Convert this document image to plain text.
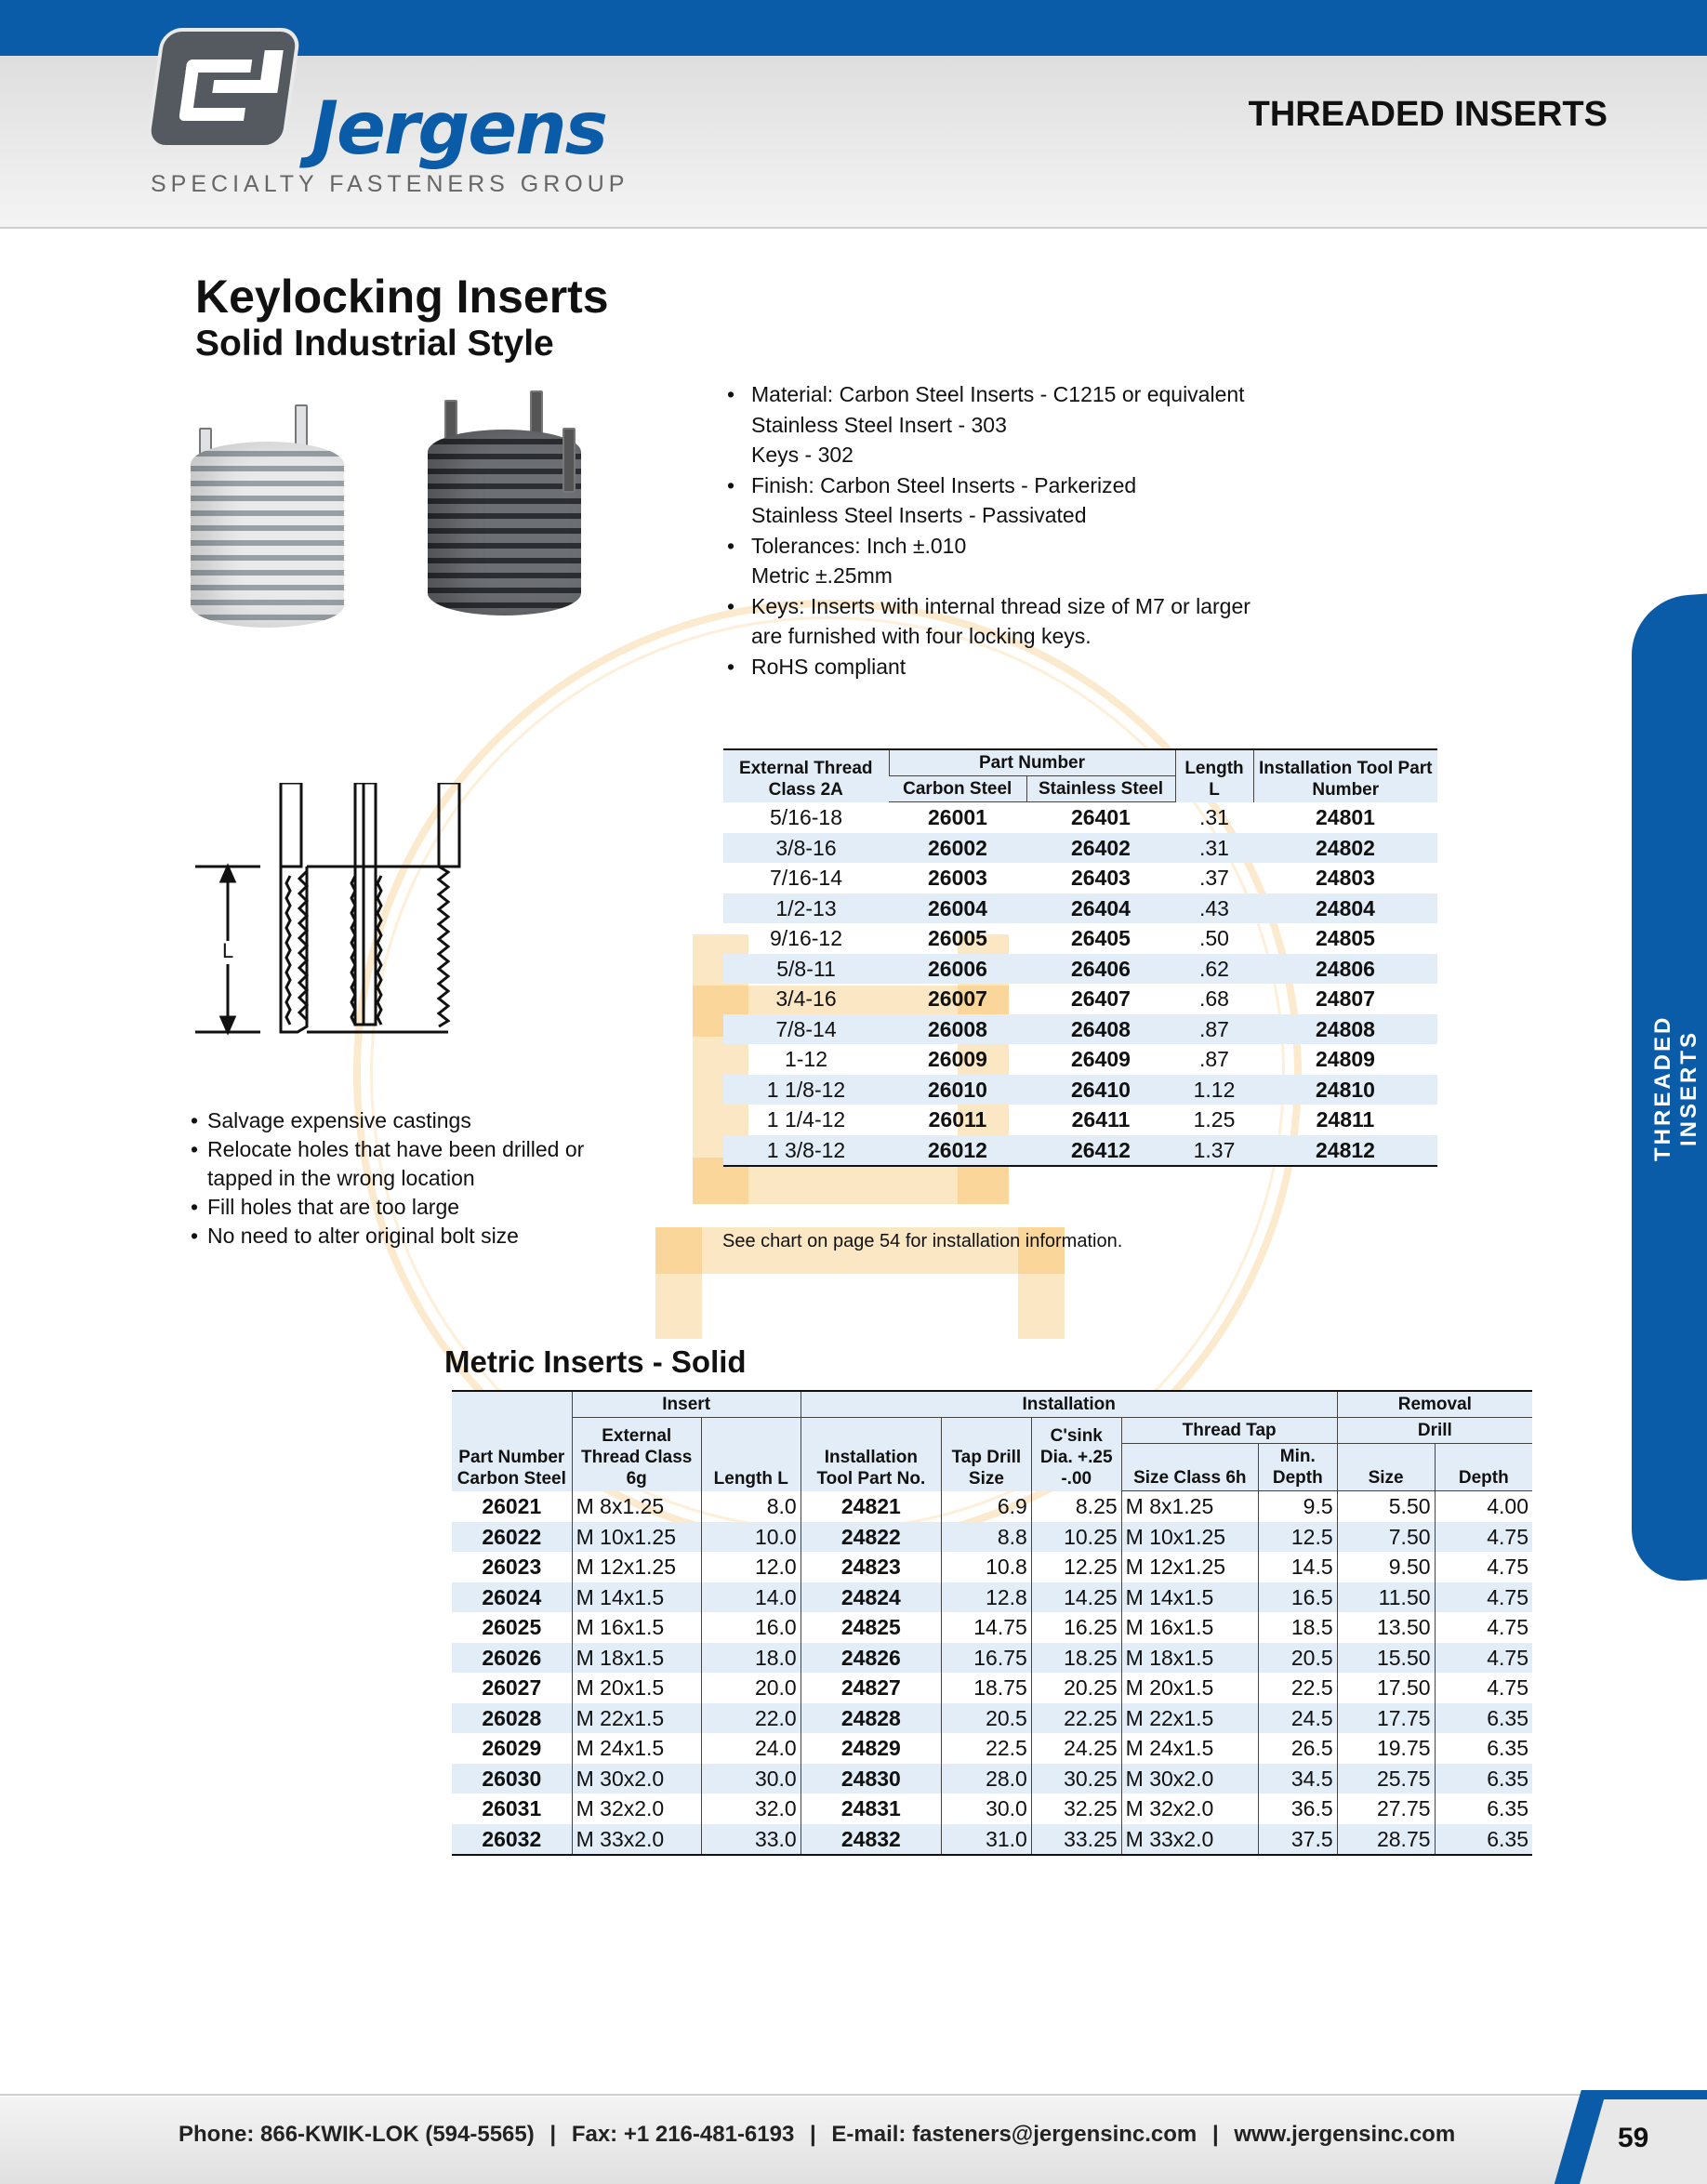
Jergens
SPECIALTY FASTENERS GROUP
THREADED INSERTS
THREADED INSERTS
Keylocking Inserts
Solid Industrial Style
• Material: Carbon Steel Inserts - C1215 or equivalent
Stainless Steel Insert - 303
Keys - 302
• Finish: Carbon Steel Inserts - Parkerized
Stainless Steel Inserts - Passivated
• Tolerances: Inch ±.010
Metric ±.25mm
• Keys: Inserts with internal thread size of M7 or larger
are furnished with four locking keys.
• RoHS compliant
L
• Salvage expensive castings
• Relocate holes that have been drilled or
tapped in the wrong location
• Fill holes that are too large
• No need to alter original bolt size
External Thread Class 2A	Part Number		Length L	Installation Tool Part Number
	Carbon Steel	Stainless Steel		
5/16-18	26001	26401	.31	24801
3/8-16	26002	26402	.31	24802
7/16-14	26003	26403	.37	24803
1/2-13	26004	26404	.43	24804
9/16-12	26005	26405	.50	24805
5/8-11	26006	26406	.62	24806
3/4-16	26007	26407	.68	24807
7/8-14	26008	26408	.87	24808
1-12	26009	26409	.87	24809
1 1/8-12	26010	26410	1.12	24810
1 1/4-12	26011	26411	1.25	24811
1 3/8-12	26012	26412	1.37	24812
See chart on page 54 for installation information.
Metric Inserts - Solid
Part Number Carbon Steel	Insert		Installation					Removal	
	External Thread Class 6g	Length L	Installation Tool Part No.	Tap Drill Size	C'sink Dia. +.25 -.00	Thread Tap		Drill	
						Size Class 6h	Min. Depth	Size	Depth
26021	M 8x1.25	8.0	24821	6.9	8.25	M 8x1.25	9.5	5.50	4.00
26022	M 10x1.25	10.0	24822	8.8	10.25	M 10x1.25	12.5	7.50	4.75
26023	M 12x1.25	12.0	24823	10.8	12.25	M 12x1.25	14.5	9.50	4.75
26024	M 14x1.5	14.0	24824	12.8	14.25	M 14x1.5	16.5	11.50	4.75
26025	M 16x1.5	16.0	24825	14.75	16.25	M 16x1.5	18.5	13.50	4.75
26026	M 18x1.5	18.0	24826	16.75	18.25	M 18x1.5	20.5	15.50	4.75
26027	M 20x1.5	20.0	24827	18.75	20.25	M 20x1.5	22.5	17.50	4.75
26028	M 22x1.5	22.0	24828	20.5	22.25	M 22x1.5	24.5	17.75	6.35
26029	M 24x1.5	24.0	24829	22.5	24.25	M 24x1.5	26.5	19.75	6.35
26030	M 30x2.0	30.0	24830	28.0	30.25	M 30x2.0	34.5	25.75	6.35
26031	M 32x2.0	32.0	24831	30.0	32.25	M 32x2.0	36.5	27.75	6.35
26032	M 33x2.0	33.0	24832	31.0	33.25	M 33x2.0	37.5	28.75	6.35
Phone: 866-KWIK-LOK (594-5565) | Fax: +1 216-481-6193 | E-mail: fasteners@jergensinc.com | www.jergensinc.com	59
